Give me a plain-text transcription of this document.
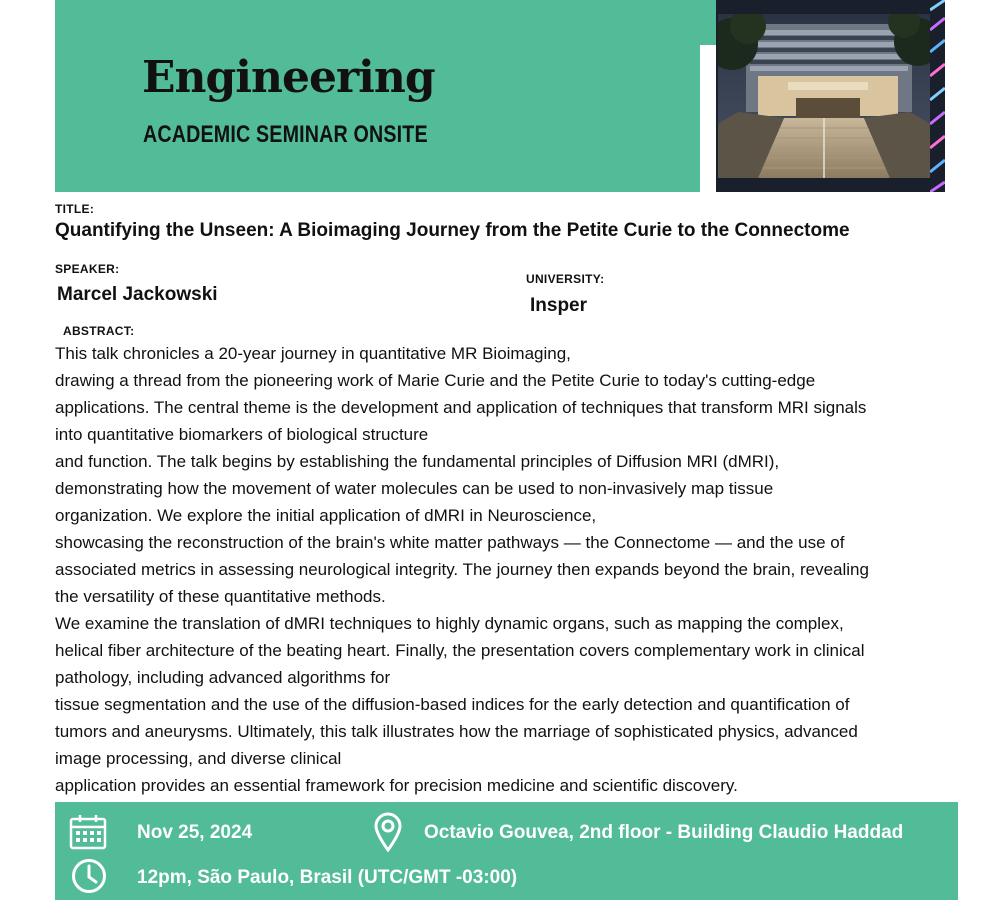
Engineering
ACADEMIC SEMINAR ONSITE
TITLE:
Quantifying the Unseen: A Bioimaging Journey from the Petite Curie to the Connectome
SPEAKER:
Marcel Jackowski
UNIVERSITY:
Insper
ABSTRACT:
This talk chronicles a 20-year journey in quantitative MR Bioimaging,
drawing a thread from the pioneering work of Marie Curie and the Petite Curie to today's cutting-edge
applications. The central theme is the development and application of techniques that transform MRI signals
into quantitative biomarkers of biological structure
and function. The talk begins by establishing the fundamental principles of Diffusion MRI (dMRI),
demonstrating how the movement of water molecules can be used to non-invasively map tissue
organization. We explore the initial application of dMRI in Neuroscience,
showcasing the reconstruction of the brain's white matter pathways — the Connectome — and the use of
associated metrics in assessing neurological integrity. The journey then expands beyond the brain, revealing
the versatility of these quantitative methods.
We examine the translation of dMRI techniques to highly dynamic organs, such as mapping the complex,
helical fiber architecture of the beating heart. Finally, the presentation covers complementary work in clinical
pathology, including advanced algorithms for
tissue segmentation and the use of the diffusion-based indices for the early detection and quantification of
tumors and aneurysms. Ultimately, this talk illustrates how the marriage of sophisticated physics, advanced
image processing, and diverse clinical
application provides an essential framework for precision medicine and scientific discovery.
Nov 25, 2024	Octavio Gouvea, 2nd floor - Building Claudio Haddad
12pm, São Paulo, Brasil (UTC/GMT -03:00)
